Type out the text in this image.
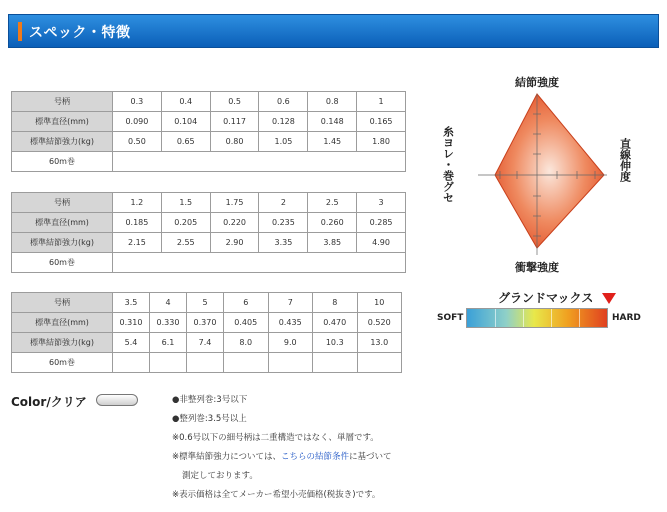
スペック・特徴
号柄	0.3	0.4	0.5	0.6	0.8	1
標準直径(mm)	0.090	0.104	0.117	0.128	0.148	0.165
標準結節強力(kg)	0.50	0.65	0.80	1.05	1.45	1.80
60m巻						
号柄	1.2	1.5	1.75	2	2.5	3
標準直径(mm)	0.185	0.205	0.220	0.235	0.260	0.285
標準結節強力(kg)	2.15	2.55	2.90	3.35	3.85	4.90
60m巻						
号柄	3.5	4	5	6	7	8	10
標準直径(mm)	0.310	0.330	0.370	0.405	0.435	0.470	0.520
標準結節強力(kg)	5.4	6.1	7.4	8.0	9.0	10.3	13.0
60m巻							
結節強度
衝撃強度
直線伸度
糸ヨレ・巻グセ
グランドマックス
SOFT	HARD
Color/クリア	●非整列巻:3号以下
●整列巻:3.5号以上
※0.6号以下の細号柄は二重構造ではなく、単層です。
※標準結節強力については、こちらの結節条件に基づいて
測定しております。
※表示価格は全てメーカー希望小売価格(税抜き)です。
